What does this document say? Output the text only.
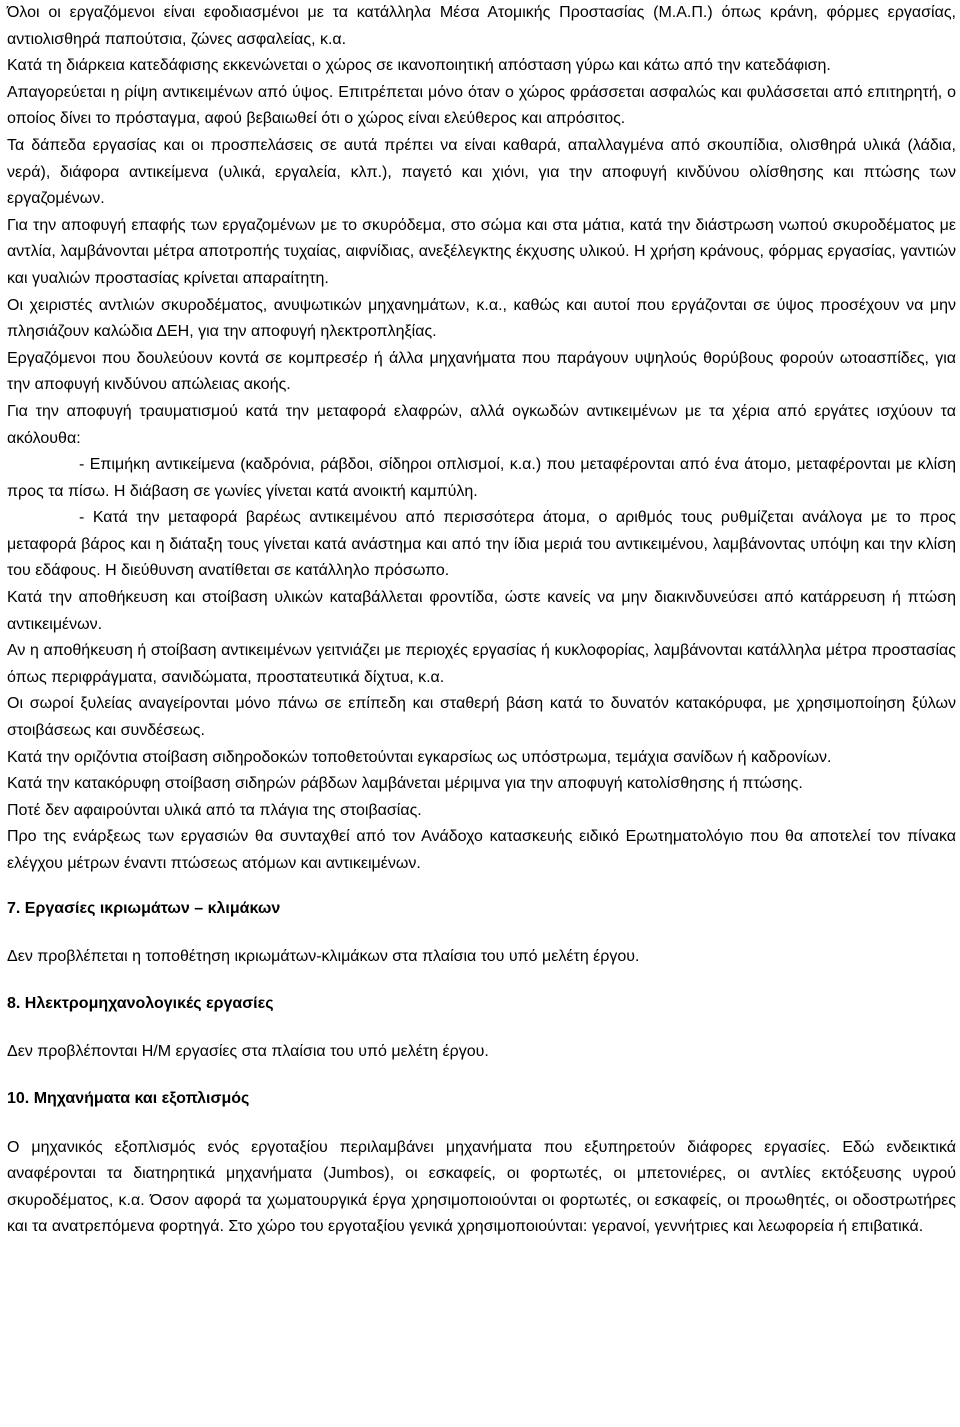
Όλοι οι εργαζόμενοι είναι εφοδιασμένοι με τα κατάλληλα Μέσα Ατομικής Προστασίας (Μ.Α.Π.) όπως κράνη, φόρμες εργασίας, αντιολισθηρά παπούτσια, ζώνες ασφαλείας, κ.α.

Κατά τη διάρκεια κατεδάφισης εκκενώνεται ο χώρος σε ικανοποιητική απόσταση γύρω και κάτω από την κατεδάφιση.

Απαγορεύεται η ρίψη αντικειμένων από ύψος. Επιτρέπεται μόνο όταν ο χώρος φράσσεται ασφαλώς και φυλάσσεται από επιτηρητή, ο οποίος δίνει το πρόσταγμα, αφού βεβαιωθεί ότι ο χώρος είναι ελεύθερος και απρόσιτος.

Τα δάπεδα εργασίας και οι προσπελάσεις σε αυτά πρέπει να είναι καθαρά, απαλλαγμένα από σκουπίδια, ολισθηρά υλικά (λάδια, νερά), διάφορα αντικείμενα (υλικά, εργαλεία, κλπ.), παγετό και χιόνι, για την αποφυγή κινδύνου ολίσθησης και πτώσης των εργαζομένων.

Για την αποφυγή επαφής των εργαζομένων με το σκυρόδεμα, στο σώμα και στα μάτια, κατά την διάστρωση νωπού σκυροδέματος με αντλία, λαμβάνονται μέτρα αποτροπής τυχαίας, αιφνίδιας, ανεξέλεγκτης έκχυσης υλικού. Η χρήση κράνους, φόρμας εργασίας, γαντιών και γυαλιών προστασίας κρίνεται απαραίτητη.

Οι χειριστές αντλιών σκυροδέματος, ανυψωτικών μηχανημάτων, κ.α., καθώς και αυτοί που εργάζονται σε ύψος προσέχουν να μην πλησιάζουν καλώδια ΔΕΗ, για την αποφυγή ηλεκτροπληξίας.

Εργαζόμενοι που δουλεύουν κοντά σε κομπρεσέρ ή άλλα μηχανήματα που παράγουν υψηλούς θορύβους φορούν ωτοασπίδες, για την αποφυγή κινδύνου απώλειας ακοής.

Για την αποφυγή τραυματισμού κατά την μεταφορά ελαφρών, αλλά ογκωδών αντικειμένων με τα χέρια από εργάτες ισχύουν τα ακόλουθα:

- Επιμήκη αντικείμενα (καδρόνια, ράβδοι, σίδηροι οπλισμοί, κ.α.) που μεταφέρονται από ένα άτομο, μεταφέρονται με κλίση προς τα πίσω. Η διάβαση σε γωνίες γίνεται κατά ανοικτή καμπύλη.

- Κατά την μεταφορά βαρέως αντικειμένου από περισσότερα άτομα, ο αριθμός τους ρυθμίζεται ανάλογα με το προς μεταφορά βάρος και η διάταξη τους γίνεται κατά ανάστημα και από την ίδια μεριά του αντικειμένου, λαμβάνοντας υπόψη και την κλίση του εδάφους. Η διεύθυνση ανατίθεται σε κατάλληλο πρόσωπο.

Κατά την αποθήκευση και στοίβαση υλικών καταβάλλεται φροντίδα, ώστε κανείς να μην διακινδυνεύσει από κατάρρευση ή πτώση αντικειμένων.

Αν η αποθήκευση ή στοίβαση αντικειμένων γειτνιάζει με περιοχές εργασίας ή κυκλοφορίας, λαμβάνονται κατάλληλα μέτρα προστασίας όπως περιφράγματα, σανιδώματα, προστατευτικά δίχτυα, κ.α.

Οι σωροί ξυλείας αναγείρονται μόνο πάνω σε επίπεδη και σταθερή βάση κατά το δυνατόν κατακόρυφα, με χρησιμοποίηση ξύλων στοιβάσεως και συνδέσεως.

Κατά την οριζόντια στοίβαση σιδηροδοκών τοποθετούνται εγκαρσίως ως υπόστρωμα, τεμάχια σανίδων ή καδρονίων.

Κατά την κατακόρυφη στοίβαση σιδηρών ράβδων λαμβάνεται μέριμνα για την αποφυγή κατολίσθησης ή πτώσης.

Ποτέ δεν αφαιρούνται υλικά από τα πλάγια της στοιβασίας.

Προ της ενάρξεως των εργασιών θα συνταχθεί από τον Ανάδοχο κατασκευής ειδικό Ερωτηματολόγιο που θα αποτελεί τον πίνακα ελέγχου μέτρων έναντι πτώσεως ατόμων και αντικειμένων.

7. Εργασίες ικριωμάτων – κλιμάκων

Δεν προβλέπεται η τοποθέτηση ικριωμάτων-κλιμάκων στα πλαίσια του υπό μελέτη έργου.

8. Ηλεκτρομηχανολογικές εργασίες

Δεν προβλέπονται Η/Μ εργασίες στα πλαίσια του υπό μελέτη έργου.

10. Μηχανήματα και εξοπλισμός

Ο μηχανικός εξοπλισμός ενός εργοταξίου περιλαμβάνει μηχανήματα που εξυπηρετούν διάφορες εργασίες. Εδώ ενδεικτικά αναφέρονται τα διατηρητικά μηχανήματα (Jumbos), οι εσκαφείς, οι φορτωτές, οι μπετονιέρες, οι αντλίες εκτόξευσης υγρού σκυροδέματος, κ.α. Όσον αφορά τα χωματουργικά έργα χρησιμοποιούνται οι φορτωτές, οι εσκαφείς, οι προωθητές, οι οδοστρωτήρες και τα ανατρεπόμενα φορτηγά. Στο χώρο του εργοταξίου γενικά χρησιμοποιούνται: γερανοί, γεννήτριες και λεωφορεία ή επιβατικά.
